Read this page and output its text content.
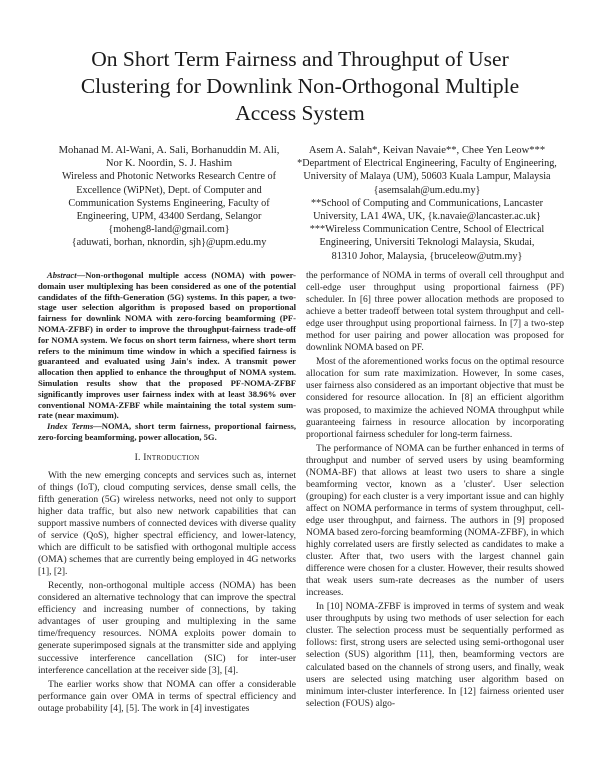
On Short Term Fairness and Throughput of User
Clustering for Downlink Non-Orthogonal Multiple
Access System
Mohanad M. Al-Wani, A. Sali, Borhanuddin M. Ali,
Nor K. Noordin, S. J. Hashim
Wireless and Photonic Networks Research Centre of
Excellence (WiPNet), Dept. of Computer and
Communication Systems Engineering, Faculty of
Engineering, UPM, 43400 Serdang, Selangor
{moheng8-land@gmail.com}
{aduwati, borhan, nknordin, sjh}@upm.edu.my
Asem A. Salah*, Keivan Navaie**, Chee Yen Leow***
*Department of Electrical Engineering, Faculty of Engineering,
University of Malaya (UM), 50603 Kuala Lampur, Malaysia
{asemsalah@um.edu.my}
**School of Computing and Communications, Lancaster
University, LA1 4WA, UK, {k.navaie@lancaster.ac.uk}
***Wireless Communication Centre, School of Electrical
Engineering, Universiti Teknologi Malaysia, Skudai,
81310 Johor, Malaysia, {bruceleow@utm.my}

Abstract—Non-orthogonal multiple access (NOMA) with power-domain user multiplexing has been considered as one of the potential candidates of the fifth-Generation (5G) systems. In this paper, a two-stage user selection algorithm is proposed based on proportional fairness for downlink NOMA with zero-forcing beamforming (PF-NOMA-ZFBF) in order to improve the throughput-fairness trade-off for NOMA system. We focus on short term fairness, where short term refers to the minimum time window in which a specified fairness is guaranteed and evaluated using Jain's index. A transmit power allocation then applied to enhance the throughput of NOMA system. Simulation results show that the proposed PF-NOMA-ZFBF significantly improves user fairness index with at least 38.96% over conventional NOMA-ZFBF while maintaining the total system sum-rate (near maximum).

Index Terms—NOMA, short term fairness, proportional fairness, zero-forcing beamforming, power allocation, 5G.

I. Introduction

With the new emerging concepts and services such as, internet of things (IoT), cloud computing services, dense small cells, the fifth generation (5G) wireless networks, need not only to support higher data traffic, but also new network capabilities that can support massive numbers of connected devices with diverse quality of service (QoS), higher spectral efficiency, and lower-latency, which are difficult to be satisfied with orthogonal multiple access (OMA) schemes that are currently being employed in 4G networks [1], [2].

Recently, non-orthogonal multiple access (NOMA) has been considered an alternative technology that can improve the spectral efficiency and increasing number of connections, by taking advantages of user grouping and multiplexing in the same time/frequency resources. NOMA exploits power domain to generate superimposed signals at the transmitter side and applying successive interference cancellation (SIC) for inter-user interference cancellation at the receiver side [3], [4].

The earlier works show that NOMA can offer a considerable performance gain over OMA in terms of spectral efficiency and outage probability [4], [5]. The work in [4] investigates

the performance of NOMA in terms of overall cell throughput and cell-edge user throughput using proportional fairness (PF) scheduler. In [6] three power allocation methods are proposed to achieve a better tradeoff between total system throughput and cell-edge user throughput using proportional fairness. In [7] a two-step method for user pairing and power allocation was proposed for downlink NOMA based on PF.

Most of the aforementioned works focus on the optimal resource allocation for sum rate maximization. However, In some cases, user fairness also considered as an important objective that must be considered for resource allocation. In [8] an efficient algorithm was proposed, to maximize the achieved NOMA throughput while guaranteeing fairness in resource allocation by incorporating proportional fairness scheduler for long-term fairness.

The performance of NOMA can be further enhanced in terms of throughput and number of served users by using beamforming (NOMA-BF) that allows at least two users to share a single beamforming vector, known as a 'cluster'. User selection (grouping) for each cluster is a very important issue and can highly affect on NOMA performance in terms of system throughput, cell-edge user throughput, and fairness. The authors in [9] proposed NOMA based zero-forcing beamforming (NOMA-ZFBF), in which highly correlated users are firstly selected as candidates to make a cluster. After that, two users with the largest channel gain difference were chosen for a cluster. However, their results showed that weak users sum-rate decreases as the number of users increases.

In [10] NOMA-ZFBF is improved in terms of system and weak user throughputs by using two methods of user selection for each cluster. The selection process must be sequentially performed as follows: first, strong users are selected using semi-orthogonal user selection (SUS) algorithm [11], then, beamforming vectors are calculated based on the channels of strong users, and finally, weak users are selected using matching user algorithm based on minimum inter-cluster interference. In [12] fairness oriented user selection (FOUS) algo-
